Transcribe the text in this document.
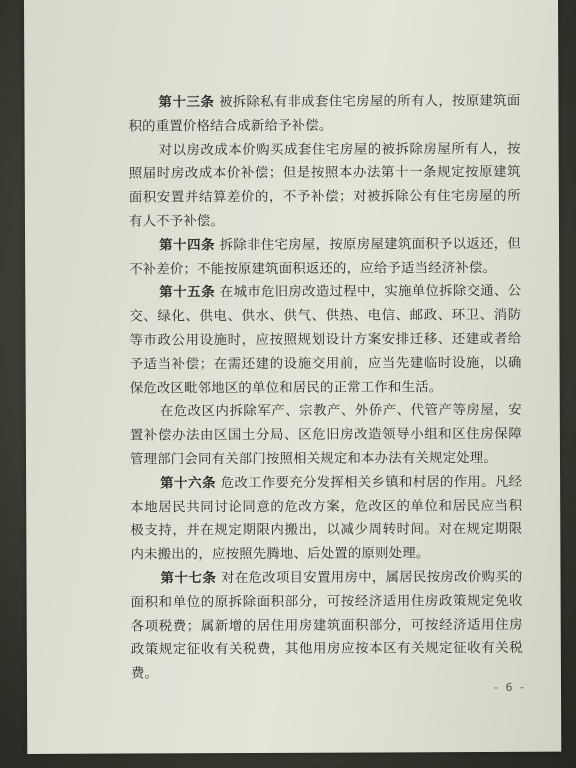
第十三条 被拆除私有非成套住宅房屋的所有人，按原建筑面积的重置价格结合成新给予补偿。

对以房改成本价购买成套住宅房屋的被拆除房屋所有人，按照届时房改成本价补偿；但是按照本办法第十一条规定按原建筑面积安置并结算差价的，不予补偿；对被拆除公有住宅房屋的所有人不予补偿。

第十四条 拆除非住宅房屋，按原房屋建筑面积予以返还，但不补差价；不能按原建筑面积返还的，应给予适当经济补偿。

第十五条 在城市危旧房改造过程中，实施单位拆除交通、公交、绿化、供电、供水、供气、供热、电信、邮政、环卫、消防等市政公用设施时，应按照规划设计方案安排迁移、还建或者给予适当补偿；在需还建的设施交用前，应当先建临时设施，以确保危改区毗邻地区的单位和居民的正常工作和生活。

在危改区内拆除军产、宗教产、外侨产、代管产等房屋，安置补偿办法由区国土分局、区危旧房改造领导小组和区住房保障管理部门会同有关部门按照相关规定和本办法有关规定处理。

第十六条 危改工作要充分发挥相关乡镇和村居的作用。凡经本地居民共同讨论同意的危改方案，危改区的单位和居民应当积极支持，并在规定期限内搬出，以减少周转时间。对在规定期限内未搬出的，应按照先腾地、后处置的原则处理。

第十七条 对在危改项目安置用房中，属居民按房改价购买的面积和单位的原拆除面积部分，可按经济适用住房政策规定免收各项税费；属新增的居住用房建筑面积部分，可按经济适用住房政策规定征收有关税费，其他用房应按本区有关规定征收有关税费。

- 6 -
